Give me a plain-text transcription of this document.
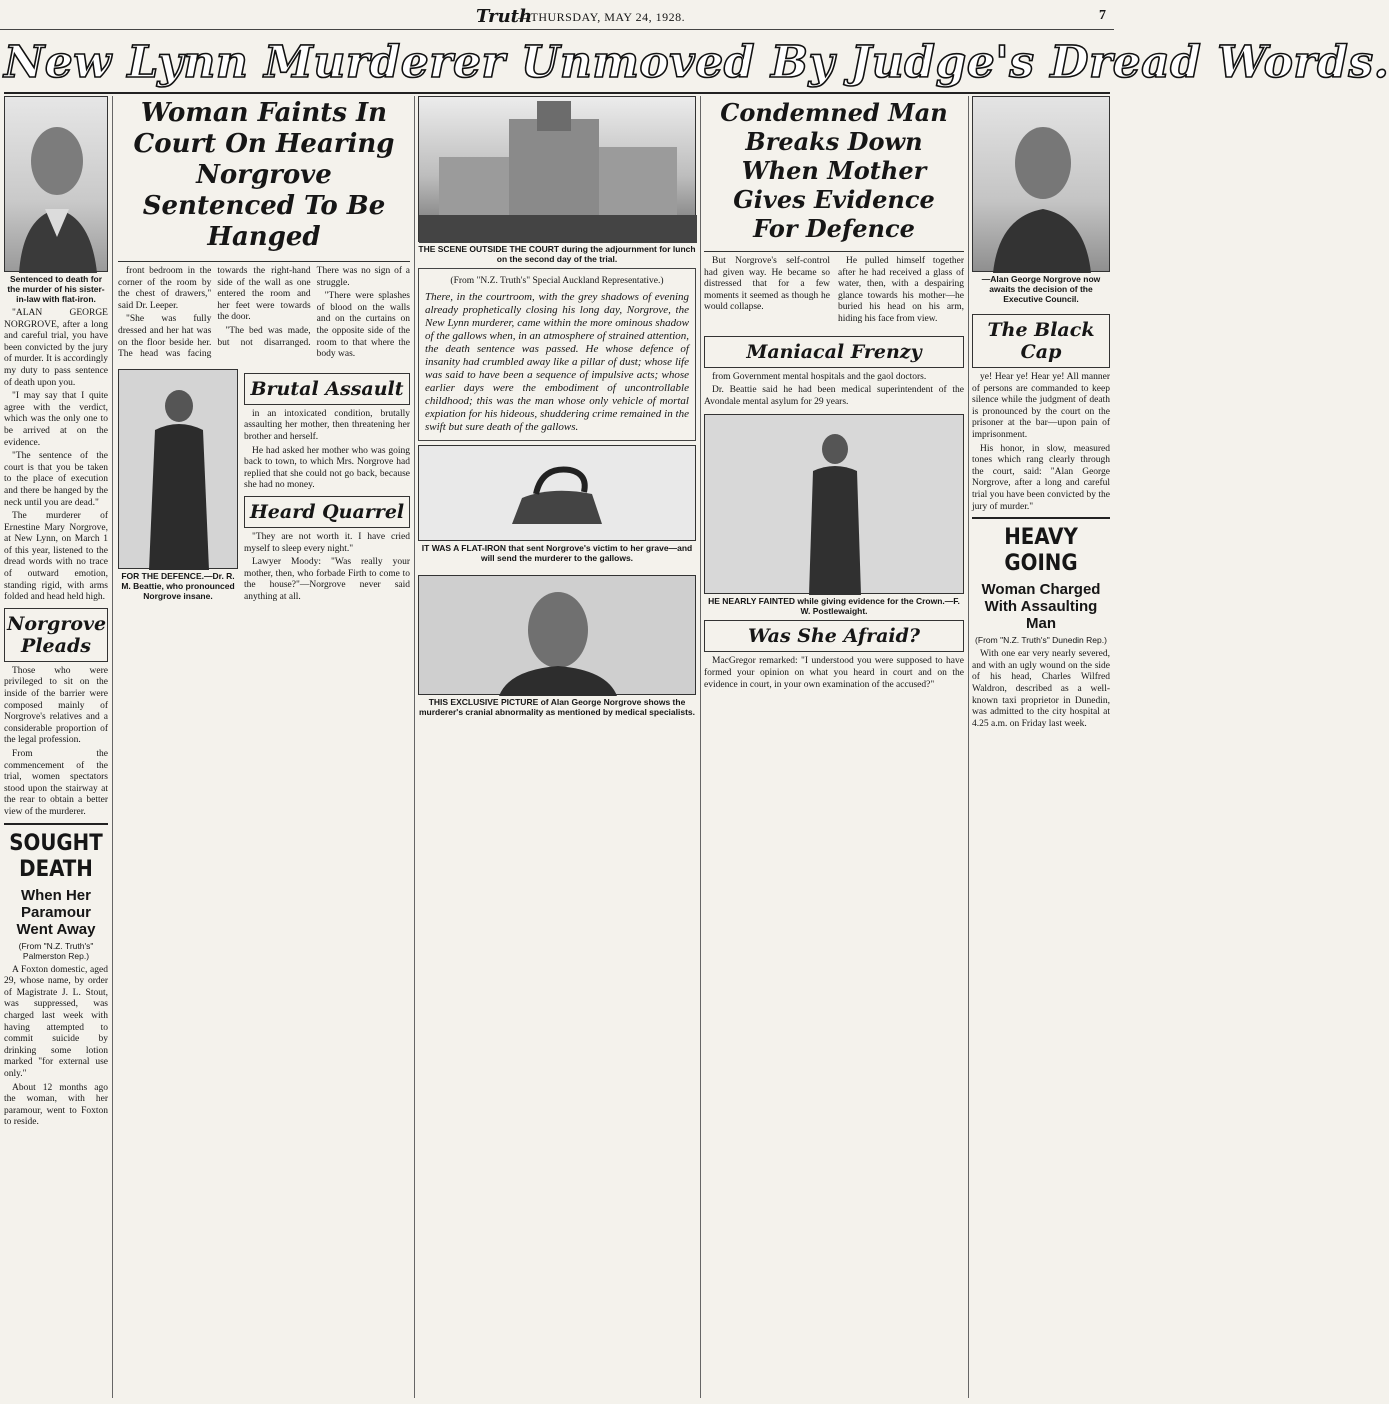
Truth
—THURSDAY, MAY 24, 1928.	7
New Lynn Murderer Unmoved By Judge's Dread Words.
Sentenced to death for the murder of his sister-in-law with flat-iron.

"ALAN GEORGE NORGROVE, after a long and careful trial, you have been convicted by the jury of murder. It is accordingly my duty to pass sentence of death upon you.

"I may say that I quite agree with the verdict, which was the only one to be arrived at on the evidence.

"The sentence of the court is that you be taken to the place of execution and there be hanged by the neck until you are dead."

The murderer of Ernestine Mary Norgrove, at New Lynn, on March 1 of this year, listened to the dread words with no trace of outward emotion, standing rigid, with arms folded and head held high.

Norgrove Pleads

Those who were privileged to sit on the inside of the barrier were composed mainly of Norgrove's relatives and a considerable proportion of the legal profession.

From the commencement of the trial, women spectators stood upon the stairway at the rear to obtain a better view of the murderer.

SOUGHT DEATH
When Her Paramour Went Away
(From "N.Z. Truth's" Palmerston Rep.)

A Foxton domestic, aged 29, whose name, by order of Magistrate J. L. Stout, was suppressed, was charged last week with having attempted to commit suicide by drinking some lotion marked "for external use only."

About 12 months ago the woman, with her paramour, went to Foxton to reside.

Woman Faints In Court On Hearing Norgrove Sentenced To Be Hanged

front bedroom in the corner of the room by the chest of drawers," said Dr. Leeper.

"She was fully dressed and her hat was on the floor beside her. The head was facing towards the right-hand side of the wall as one entered the room and her feet were towards the door.

"The bed was made, but not disarranged. There was no sign of a struggle.

"There were splashes of blood on the walls and on the curtains on the opposite side of the room to that where the body was.

FOR THE DEFENCE.—Dr. R. M. Beattie, who pronounced Norgrove insane.
Brutal Assault

in an intoxicated condition, brutally assaulting her mother, then threatening her brother and herself.

He had asked her mother who was going back to town, to which Mrs. Norgrove had replied that she could not go back, because she had no money.

Heard Quarrel

"They are not worth it. I have cried myself to sleep every night."

Lawyer Moody: "Was really your mother, then, who forbade Firth to come to the house?"—Norgrove never said anything at all.

THE SCENE OUTSIDE THE COURT during the adjournment for lunch on the second day of the trial.
(From "N.Z. Truth's" Special Auckland Representative.)
There, in the courtroom, with the grey shadows of evening already prophetically closing his long day, Norgrove, the New Lynn murderer, came within the more ominous shadow of the gallows when, in an atmosphere of strained attention, the death sentence was passed. He whose defence of insanity had crumbled away like a pillar of dust; whose life was said to have been a sequence of impulsive acts; whose earlier days were the embodiment of uncontrollable childhood; this was the man whose only vehicle of mortal expiation for his hideous, shuddering crime remained in the swift but sure death of the gallows.
IT WAS A FLAT-IRON that sent Norgrove's victim to her grave—and will send the murderer to the gallows.
THIS EXCLUSIVE PICTURE of Alan George Norgrove shows the murderer's cranial abnormality as mentioned by medical specialists.
Condemned Man Breaks Down When Mother Gives Evidence For Defence

But Norgrove's self-control had given way. He became so distressed that for a few moments it seemed as though he would collapse.

He pulled himself together after he had received a glass of water, then, with a despairing glance towards his mother—he buried his head on his arm, hiding his face from view.

Maniacal Frenzy

from Government mental hospitals and the gaol doctors.

Dr. Beattie said he had been medical superintendent of the Avondale mental asylum for 29 years.

HE NEARLY FAINTED while giving evidence for the Crown.—F. W. Postlewaight.
Was She Afraid?

MacGregor remarked: "I understood you were supposed to have formed your opinion on what you heard in court and on the evidence in court, in your own examination of the accused?"

—Alan George Norgrove now awaits the decision of the Executive Council.
The Black Cap

ye! Hear ye! Hear ye! All manner of persons are commanded to keep silence while the judgment of death is pronounced by the court on the prisoner at the bar—upon pain of imprisonment.

His honor, in slow, measured tones which rang clearly through the court, said: "Alan George Norgrove, after a long and careful trial you have been convicted by the jury of murder."

HEAVY GOING
Woman Charged With Assaulting Man
(From "N.Z. Truth's" Dunedin Rep.)

With one ear very nearly severed, and with an ugly wound on the side of his head, Charles Wilfred Waldron, described as a well-known taxi proprietor in Dunedin, was admitted to the city hospital at 4.25 a.m. on Friday last week.
